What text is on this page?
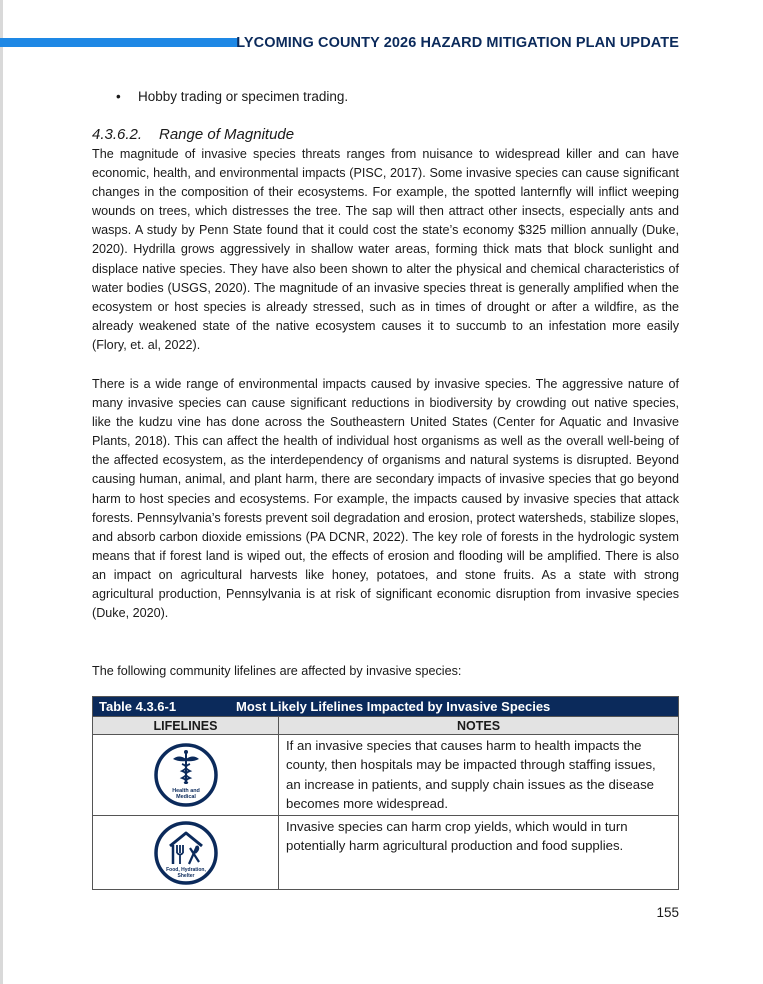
LYCOMING COUNTY 2026 HAZARD MITIGATION PLAN UPDATE
• Hobby trading or specimen trading.
4.3.6.2. Range of Magnitude

The magnitude of invasive species threats ranges from nuisance to widespread killer and can have economic, health, and environmental impacts (PISC, 2017). Some invasive species can cause significant changes in the composition of their ecosystems. For example, the spotted lanternfly will inflict weeping wounds on trees, which distresses the tree. The sap will then attract other insects, especially ants and wasps. A study by Penn State found that it could cost the state’s economy $325 million annually (Duke, 2020). Hydrilla grows aggressively in shallow water areas, forming thick mats that block sunlight and displace native species. They have also been shown to alter the physical and chemical characteristics of water bodies (USGS, 2020). The magnitude of an invasive species threat is generally amplified when the ecosystem or host species is already stressed, such as in times of drought or after a wildfire, as the already weakened state of the native ecosystem causes it to succumb to an infestation more easily (Flory, et. al, 2022).

There is a wide range of environmental impacts caused by invasive species. The aggressive nature of many invasive species can cause significant reductions in biodiversity by crowding out native species, like the kudzu vine has done across the Southeastern United States (Center for Aquatic and Invasive Plants, 2018). This can affect the health of individual host organisms as well as the overall well-being of the affected ecosystem, as the interdependency of organisms and natural systems is disrupted. Beyond causing human, animal, and plant harm, there are secondary impacts of invasive species that go beyond harm to host species and ecosystems. For example, the impacts caused by invasive species that attack forests. Pennsylvania’s forests prevent soil degradation and erosion, protect watersheds, stabilize slopes, and absorb carbon dioxide emissions (PA DCNR, 2022). The key role of forests in the hydrologic system means that if forest land is wiped out, the effects of erosion and flooding will be amplified. There is also an impact on agricultural harvests like honey, potatoes, and stone fruits. As a state with strong agricultural production, Pennsylvania is at risk of significant economic disruption from invasive species (Duke, 2020).

The following community lifelines are affected by invasive species:
Table 4.3.6-1 Most Likely Lifelines Impacted by Invasive Species	
LIFELINES	NOTES

Health and
Medical	If an invasive species that causes harm to health impacts the county, then hospitals may be impacted through staffing issues, an increase in patients, and supply chain issues as the disease becomes more widespread.

Food, Hydration,
Shelter	Invasive species can harm crop yields, which would in turn potentially harm agricultural production and food supplies.
155
